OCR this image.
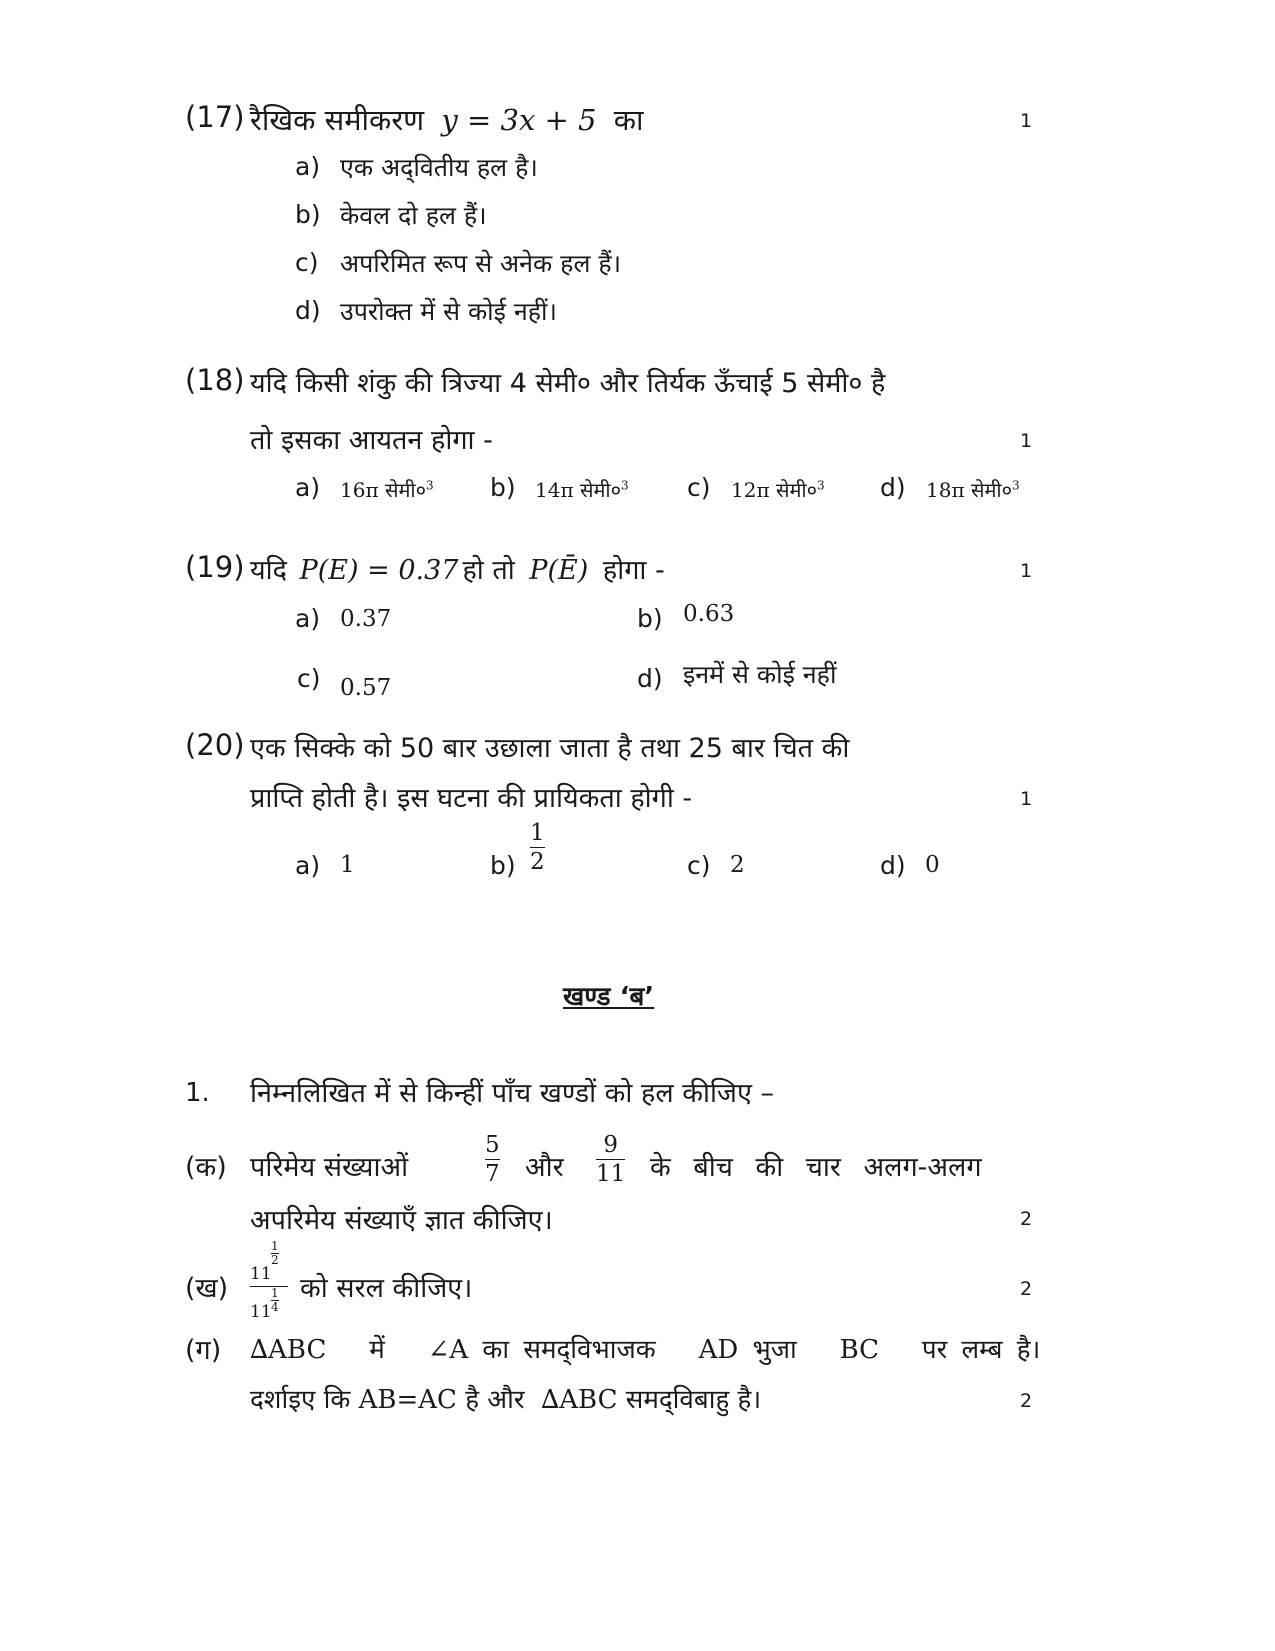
(17) रैखिक समीकरण y = 3x + 5 का	1
a) एक अद्‌वितीय हल है।
b) केवल दो हल हैं।
c) अपरिमित रूप से अनेक हल हैं।
d) उपरोक्त में से कोई नहीं।
(18) यदि किसी शंकु की त्रिज्या 4 सेमी० और तिर्यक ऊँचाई 5 सेमी० है
तो इसका आयतन होगा -	1
a) 16π $सेमी०^3$ b) 14π $सेमी०^3$ c) 12π $सेमी०^3$ d) 18π $सेमी०^3$
(19) यदि P(E) = 0.37 हो तो P(Ē) होगा -	1
a) 0.37	b) 0.63
c) 0.57	d) इनमें से कोई नहीं
(20) एक सिक्के को 50 बार उछाला जाता है तथा 25 बार चित की
प्राप्ति होती है। इस घटना की प्रायिकता होगी -	1
a) 1	b)
1
2	c) 2	d) 0
खण्ड ‘ब’
1. निम्नलिखित में से किन्हीं पाँच खण्डों को हल कीजिए –
(क) परिमेय संख्याओं
5
7 और
9
11 के बीच की चार अलग-अलग
अपरिमेय संख्याएँ ज्ञात कीजिए।	2
(ख) 11
1
2
11
1
4
को सरल कीजिए।	2
(ग) ∆ABC में ∠A का समद्‌विभाजक AD भुजा BC पर लम्ब है।
दर्शाइए कि AB=AC है और ∆ABC समद्‌विबाहु है।	2
